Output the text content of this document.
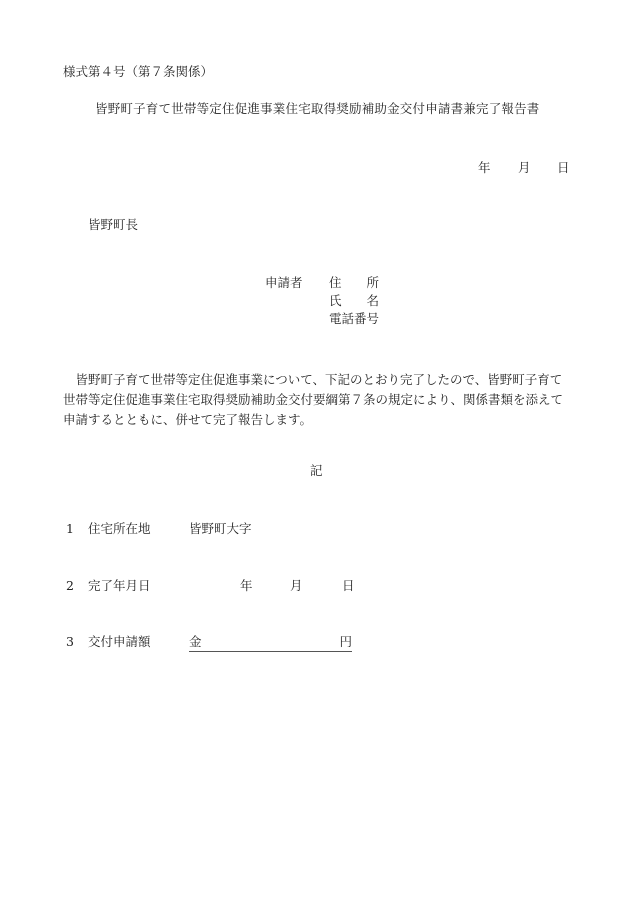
様式第４号（第７条関係）
皆野町子育て世帯等定住促進事業住宅取得奨励補助金交付申請書兼完了報告書
年 月 日
皆野町長
申請者 住 所
氏 名
電話番号

　皆野町子育て世帯等定住促進事業について、下記のとおり完了したので、皆野町子育て

世帯等定住促進事業住宅取得奨励補助金交付要綱第７条の規定により、関係書類を添えて

申請するとともに、併せて完了報告します。

記
1 住宅所在地	皆野町大字
2 完了年月日	年	月	日
3 交付申請額	金	円
